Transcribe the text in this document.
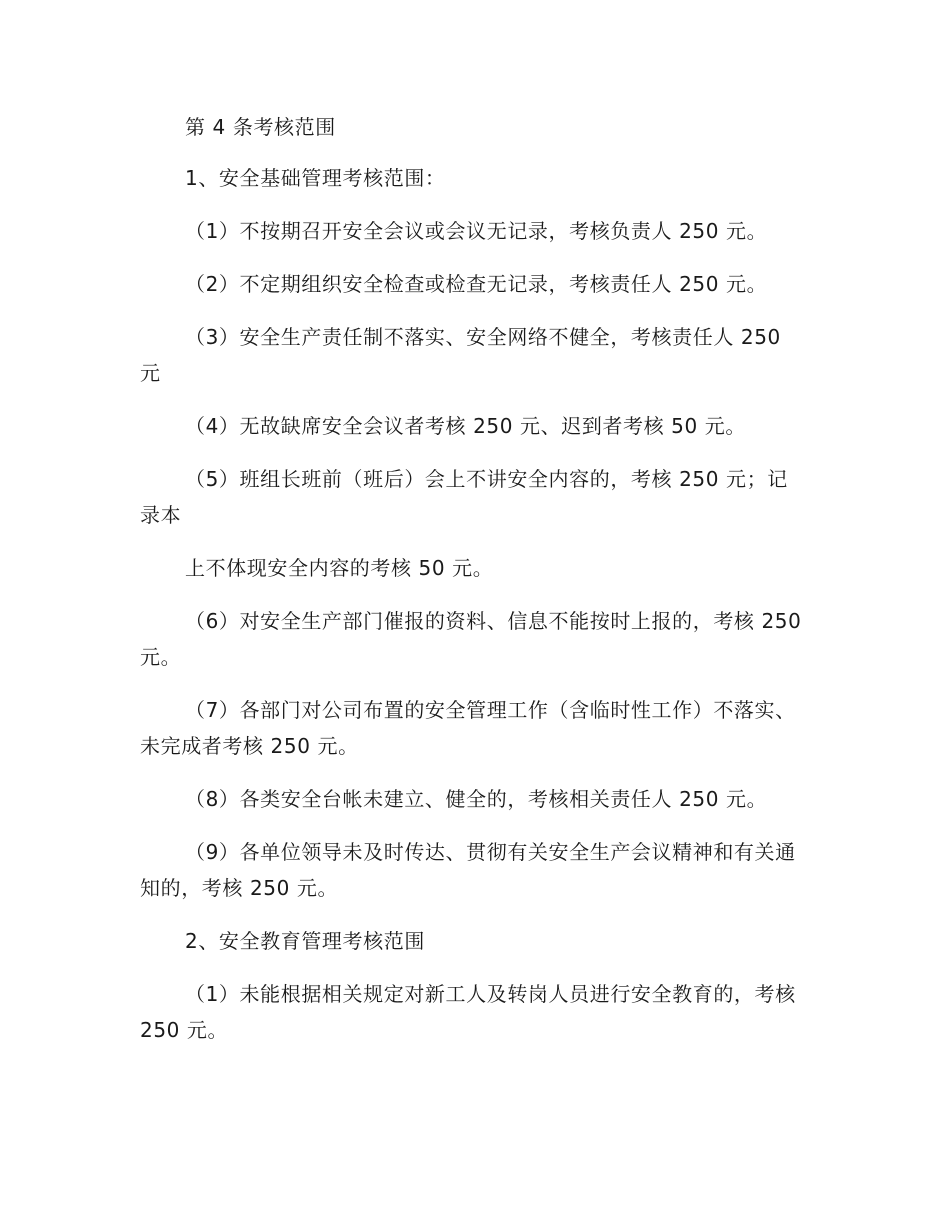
第 4 条考核范围

1、安全基础管理考核范围：

（1）不按期召开安全会议或会议无记录，考核负责人 250 元。

（2）不定期组织安全检查或检查无记录，考核责任人 250 元。

（3）安全生产责任制不落实、安全网络不健全，考核责任人 250 元

（4）无故缺席安全会议者考核 250 元、迟到者考核 50 元。

（5）班组长班前（班后）会上不讲安全内容的，考核 250 元；记录本

上不体现安全内容的考核 50 元。

（6）对安全生产部门催报的资料、信息不能按时上报的，考核 250 元。

（7）各部门对公司布置的安全管理工作（含临时性工作）不落实、未完成者考核 250 元。

（8）各类安全台帐未建立、健全的，考核相关责任人 250 元。

（9）各单位领导未及时传达、贯彻有关安全生产会议精神和有关通知的，考核 250 元。

2、安全教育管理考核范围

（1）未能根据相关规定对新工人及转岗人员进行安全教育的，考核 250 元。
